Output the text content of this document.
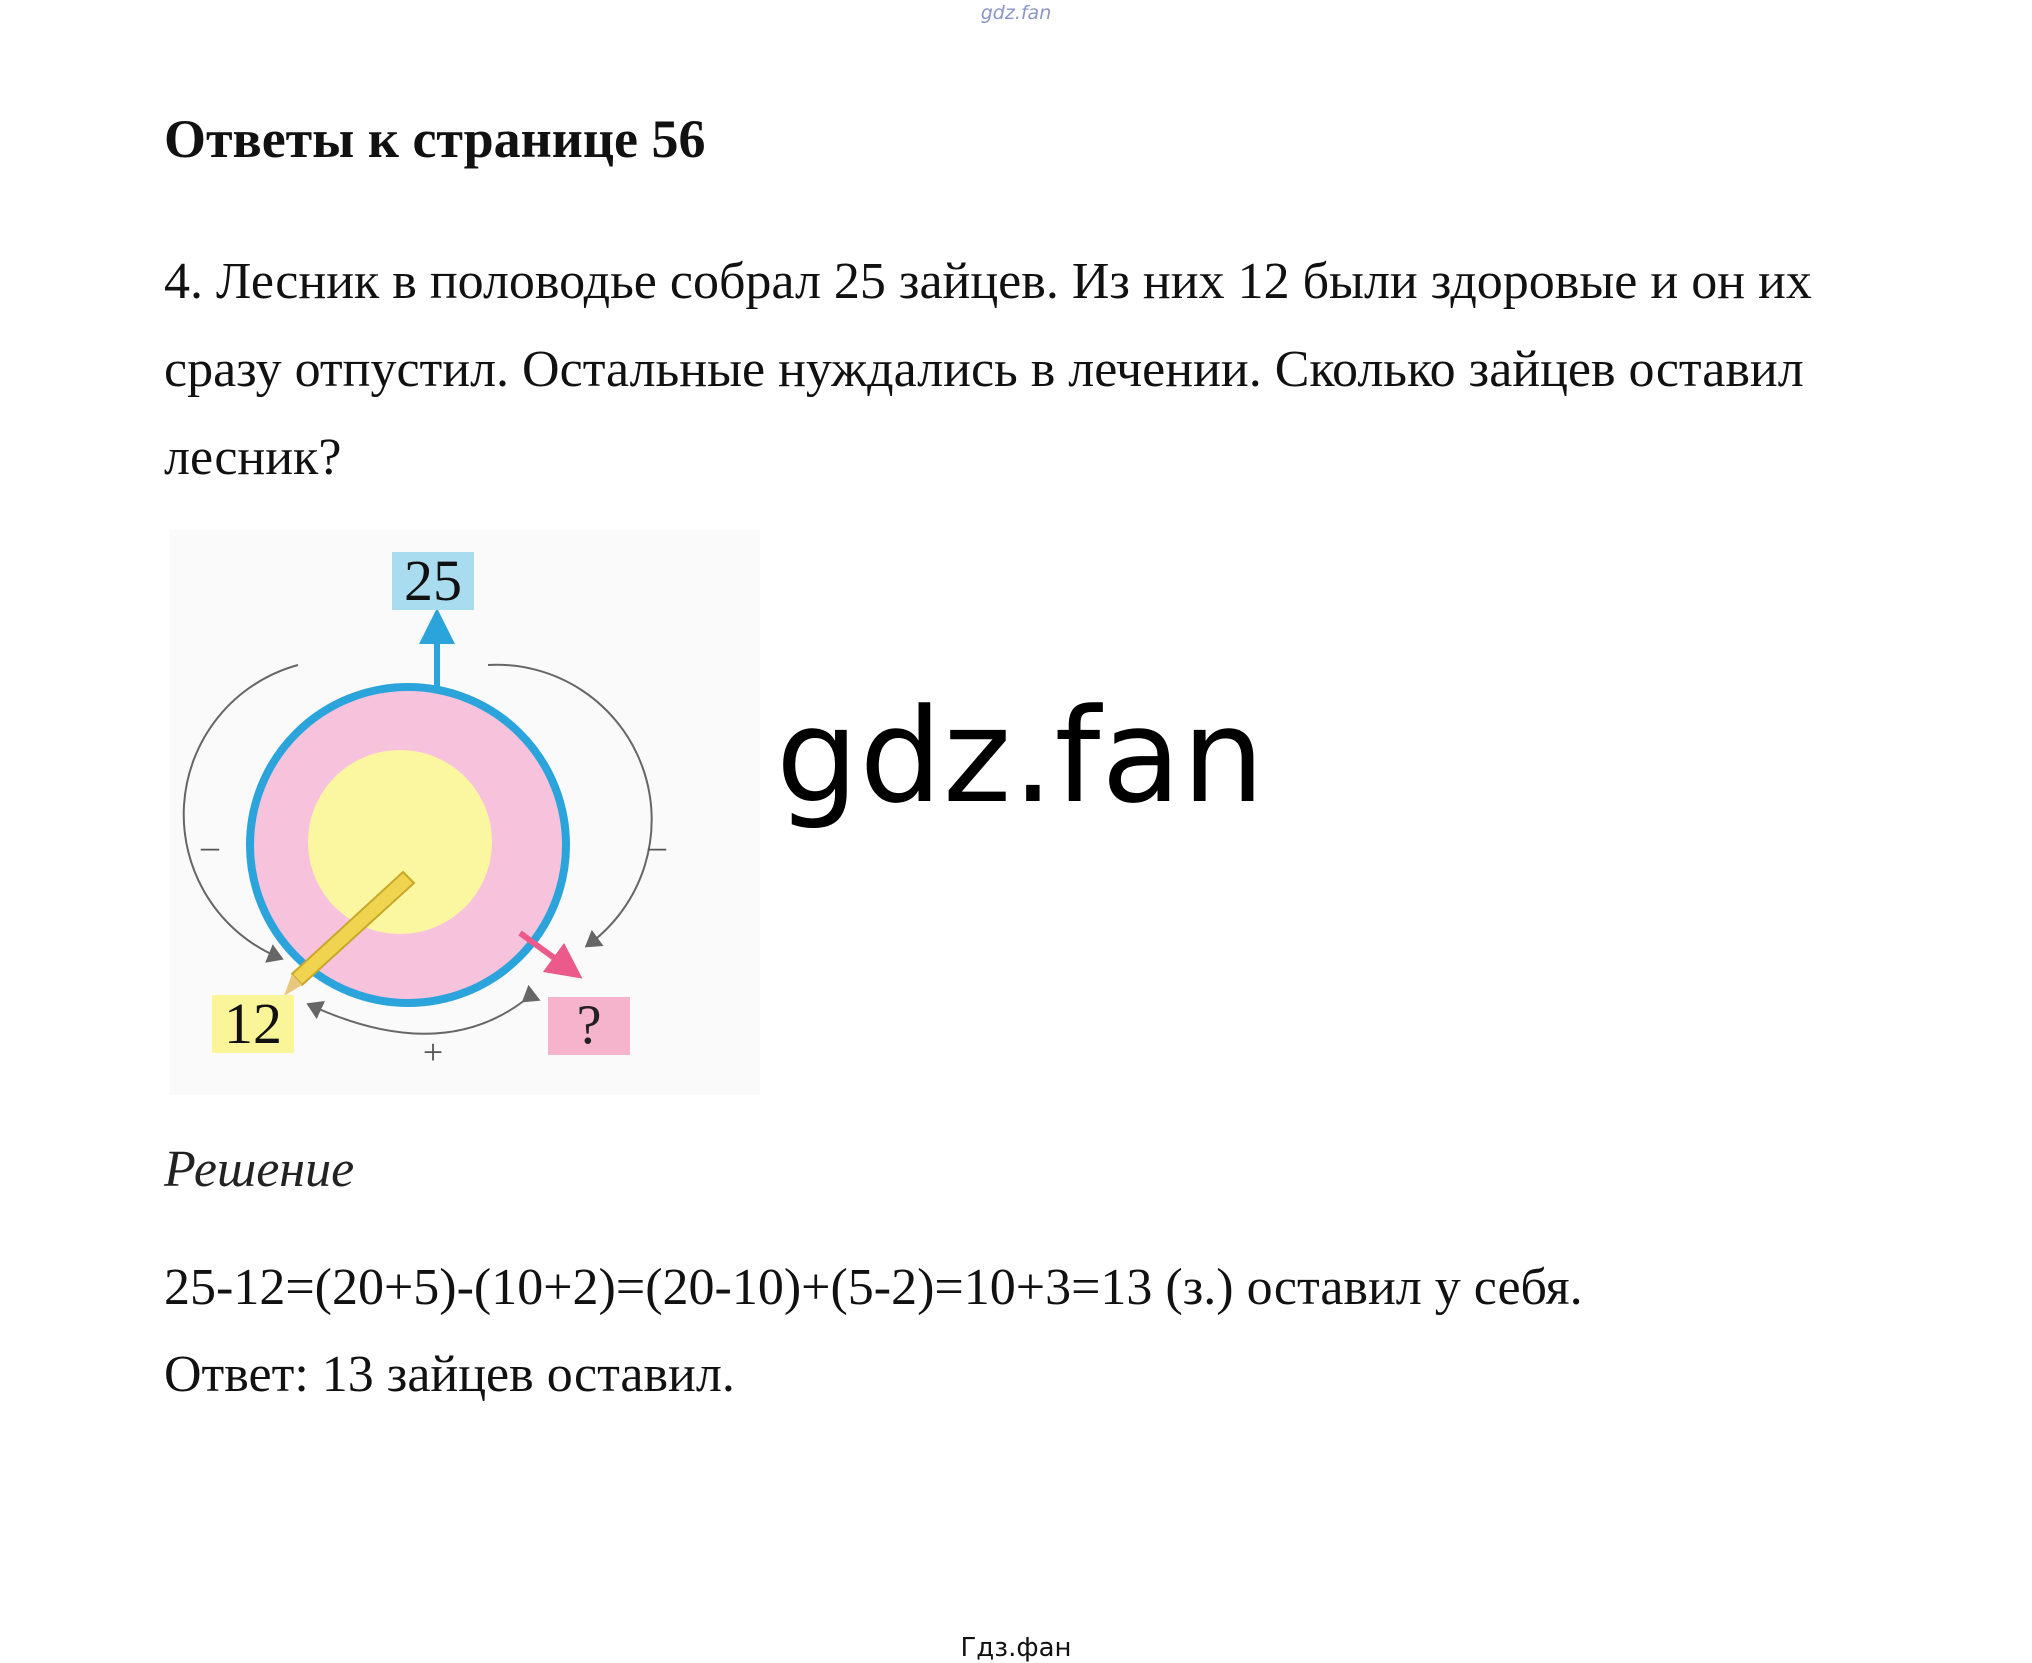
gdz.fan
Ответы к странице 56

4. Лесник в половодье собрал 25 зайцев. Из них 12 были здоровые и он их сразу отпустил. Остальные нуждались в лечении. Сколько зайцев оставил лесник?

25
12	?
–	–
+
gdz.fan

Решение

25-12=(20+5)-(10+2)=(20-10)+(5-2)=10+3=13 (з.) оставил у себя.

Ответ: 13 зайцев оставил.

Гдз.фан
